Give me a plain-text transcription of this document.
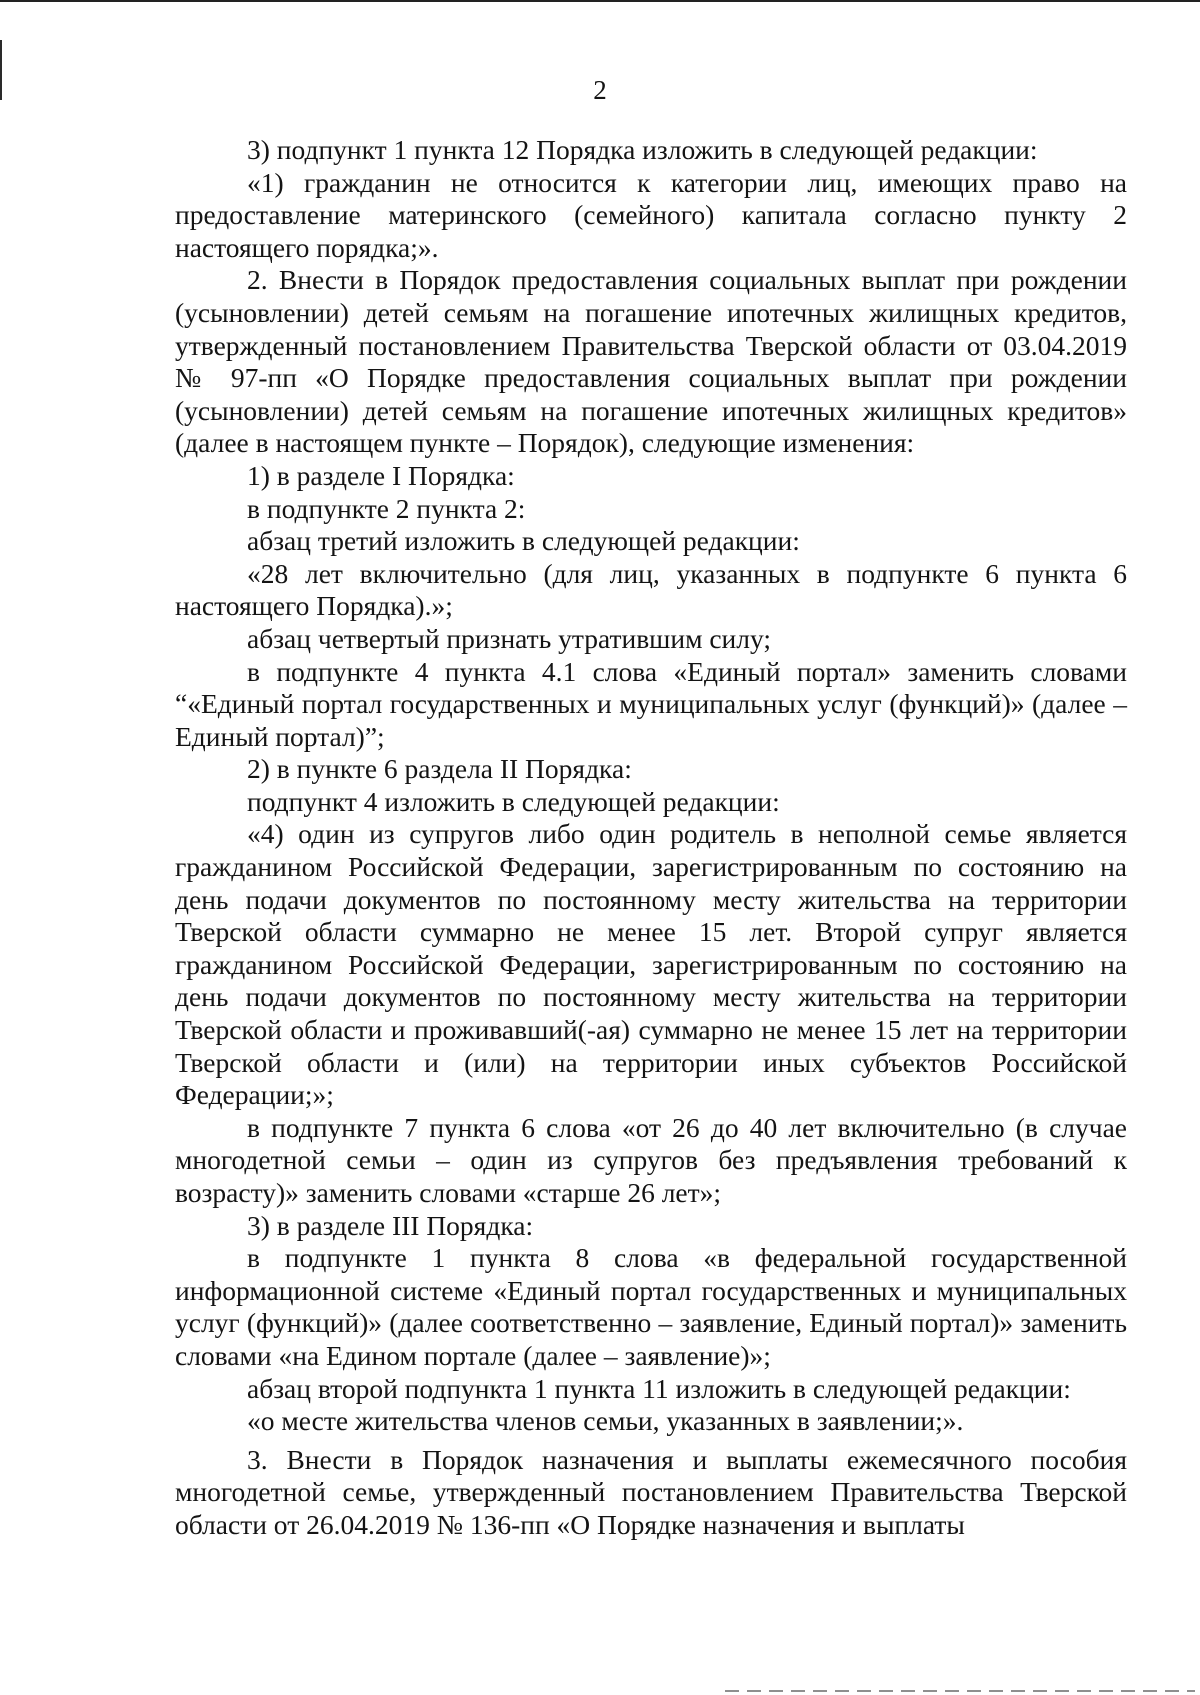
2

3) подпункт 1 пункта 12 Порядка изложить в следующей редакции:

«1) гражданин не относится к категории лиц, имеющих право на предоставление материнского (семейного) капитала согласно пункту 2 настоящего порядка;».

2. Внести в Порядок предоставления социальных выплат при рождении (усыновлении) детей семьям на погашение ипотечных жилищных кредитов, утвержденный постановлением Правительства Тверской области от 03.04.2019 № 97-пп «О Порядке предоставления социальных выплат при рождении (усыновлении) детей семьям на погашение ипотечных жилищных кредитов» (далее в настоящем пункте – Порядок), следующие изменения:

1) в разделе I Порядка:

в подпункте 2 пункта 2:

абзац третий изложить в следующей редакции:

«28 лет включительно (для лиц, указанных в подпункте 6 пункта 6 настоящего Порядка).»;

абзац четвертый признать утратившим силу;

в подпункте 4 пункта 4.1 слова «Единый портал» заменить словами “«Единый портал государственных и муниципальных услуг (функций)» (далее – Единый портал)”;

2) в пункте 6 раздела II Порядка:

подпункт 4 изложить в следующей редакции:

«4) один из супругов либо один родитель в неполной семье является гражданином Российской Федерации, зарегистрированным по состоянию на день подачи документов по постоянному месту жительства на территории Тверской области суммарно не менее 15 лет. Второй супруг является гражданином Российской Федерации, зарегистрированным по состоянию на день подачи документов по постоянному месту жительства на территории Тверской области и проживавший(-ая) суммарно не менее 15 лет на территории Тверской области и (или) на территории иных субъектов Российской Федерации;»;

в подпункте 7 пункта 6 слова «от 26 до 40 лет включительно (в случае многодетной семьи – один из супругов без предъявления требований к возрасту)» заменить словами «старше 26 лет»;

3) в разделе III Порядка:

в подпункте 1 пункта 8 слова «в федеральной государственной информационной системе «Единый портал государственных и муниципальных услуг (функций)» (далее соответственно – заявление, Единый портал)» заменить словами «на Едином портале (далее – заявление)»;

абзац второй подпункта 1 пункта 11 изложить в следующей редакции:

«о месте жительства членов семьи, указанных в заявлении;».

3. Внести в Порядок назначения и выплаты ежемесячного пособия многодетной семье, утвержденный постановлением Правительства Тверской области от 26.04.2019 № 136-пп «О Порядке назначения и выплаты
